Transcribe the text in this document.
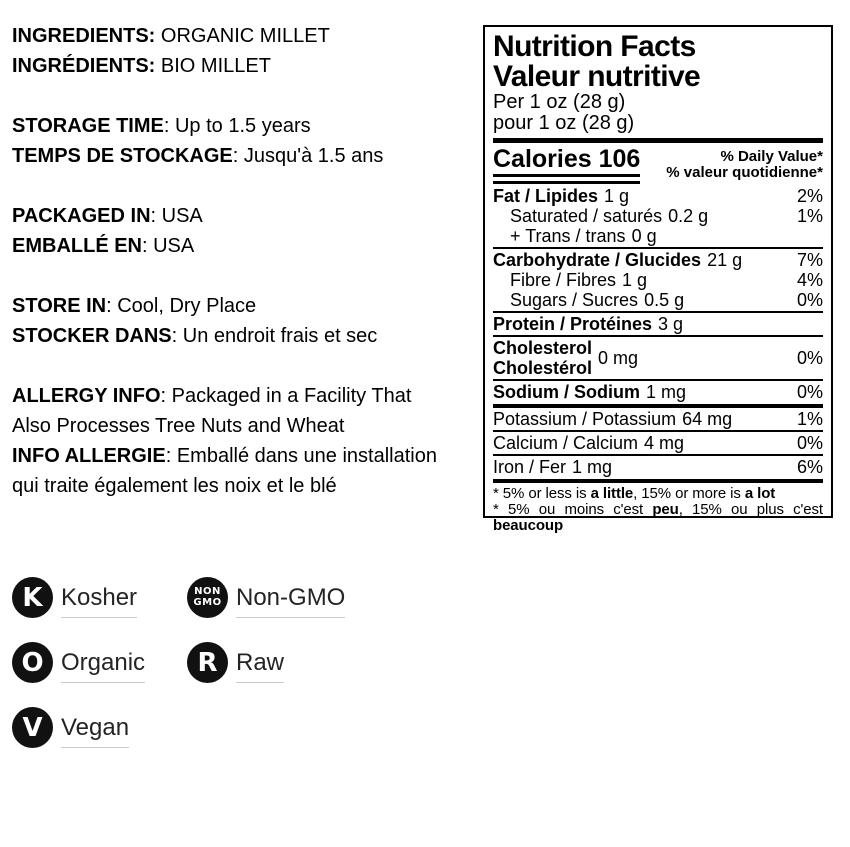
INGREDIENTS: ORGANIC MILLET

INGRÉDIENTS: BIO MILLET

STORAGE TIME: Up to 1.5 years

TEMPS DE STOCKAGE: Jusqu'à 1.5 ans

PACKAGED IN: USA

EMBALLÉ EN: USA

STORE IN: Cool, Dry Place

STOCKER DANS: Un endroit frais et sec

ALLERGY INFO: Packaged in a Facility That

Also Processes Tree Nuts and Wheat

INFO ALLERGIE: Emballé dans une installation

qui traite également les noix et le blé

Nutrition Facts
Valeur nutritive
Per 1 oz (28 g)
pour 1 oz (28 g)
Calories 106	% Daily Value*
% valeur quotidienne*
Fat / Lipides 1 g	2%
Saturated / saturés 0.2 g	1%
+ Trans / trans 0 g
Carbohydrate / Glucides 21 g	7%
Fibre / Fibres 1 g	4%
Sugars / Sucres 0.5 g	0%
Protein / Protéines 3 g
Cholesterol
Cholestérol 0 mg	0%
Sodium / Sodium 1 mg	0%
Potassium / Potassium 64 mg	1%
Calcium / Calcium 4 mg	0%
Iron / Fer 1 mg	6%

* 5% or less is a little, 15% or more is a lot

* 5% ou moins c'est peu, 15% ou plus c'est beaucoup

K Kosher	NON
GMO Non-GMO
O Organic R Raw
V Vegan
